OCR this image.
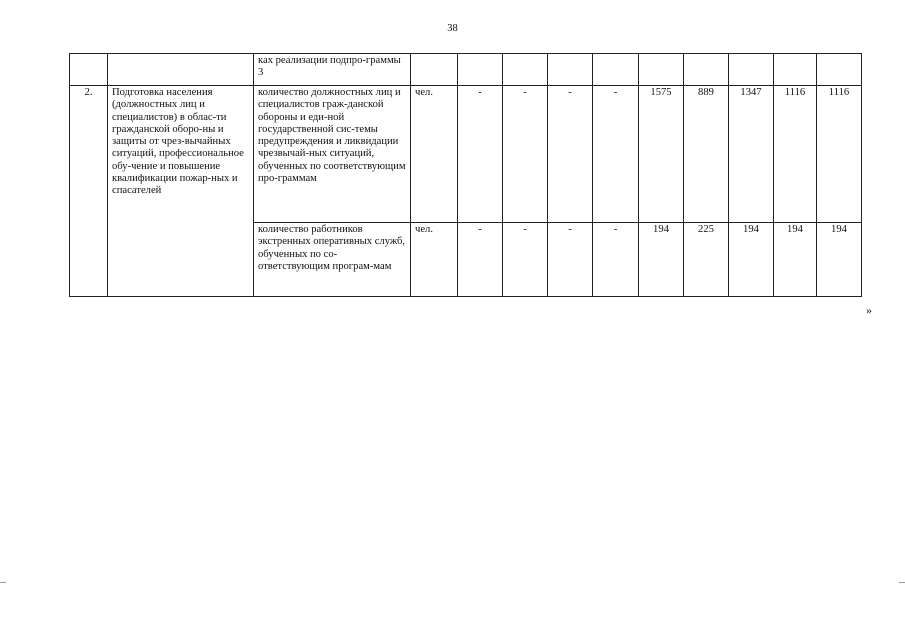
38
		ках реализации подпро-граммы 3										
2.	Подготовка населения (должностных лиц и специалистов) в облас-ти гражданской оборо-ны и защиты от чрез-вычайных ситуаций, профессиональное обу-чение и повышение квалификации пожар-ных и спасателей	количество должностных лиц и специалистов граж-данской обороны и еди-ной государственной сис-темы предупреждения и ликвидации чрезвычай-ных ситуаций, обученных по соответствующим про-граммам	чел.	-	-	-	-	1575	889	1347	1116	1116
		количество работников экстренных оперативных служб, обученных по со-ответствующим програм-мам	чел.	-	-	-	-	194	225	194	194	194
»
